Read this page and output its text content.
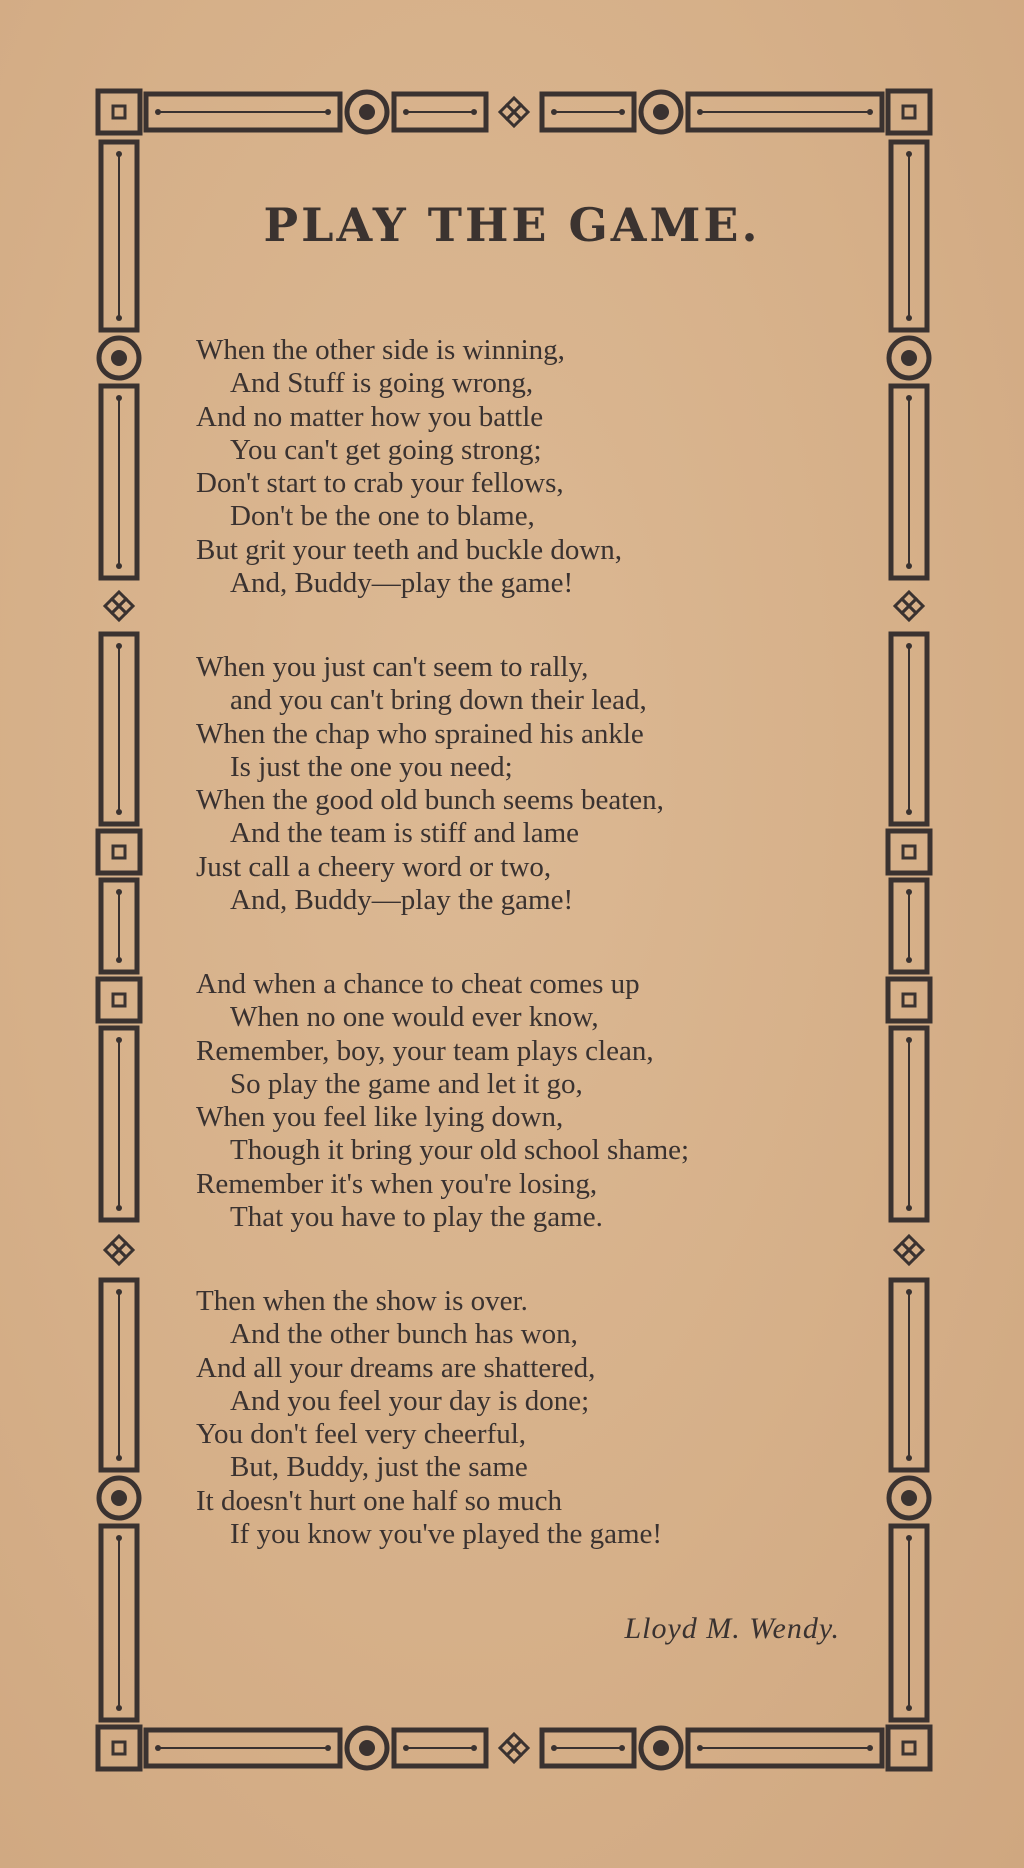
PLAY THE GAME.
When the other side is winning,
And Stuff is going wrong,
And no matter how you battle
You can't get going strong;
Don't start to crab your fellows,
Don't be the one to blame,
But grit your teeth and buckle down,
And, Buddy—play the game!
When you just can't seem to rally,
and you can't bring down their lead,
When the chap who sprained his ankle
Is just the one you need;
When the good old bunch seems beaten,
And the team is stiff and lame
Just call a cheery word or two,
And, Buddy—play the game!
And when a chance to cheat comes up
When no one would ever know,
Remember, boy, your team plays clean,
So play the game and let it go,
When you feel like lying down,
Though it bring your old school shame;
Remember it's when you're losing,
That you have to play the game.
Then when the show is over.
And the other bunch has won,
And all your dreams are shattered,
And you feel your day is done;
You don't feel very cheerful,
But, Buddy, just the same
It doesn't hurt one half so much
If you know you've played the game!
Lloyd M. Wendy.
